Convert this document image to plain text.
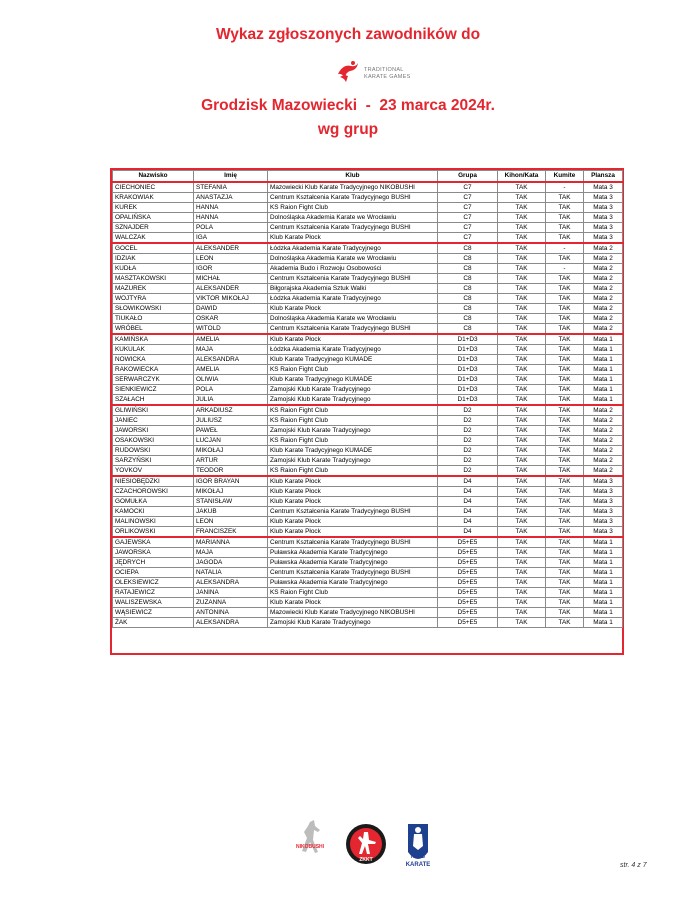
Wykaz zgłoszonych zawodników do
TRADITIONAL
KARATE GAMES
Grodzisk Mazowiecki  -  23 marca 2024r.
wg grup
Nazwisko	Imię	Klub	Grupa	Kihon/Kata	Kumite	Plansza
CIECHONIEC	STEFANIA	Mazowiecki Klub Karate Tradycyjnego NIKOBUSHI	C7	TAK	-	Mata 3
KRAKOWIAK	ANASTAZJA	Centrum Kształcenia Karate Tradycyjnego BUSHI	C7	TAK	TAK	Mata 3
KUREK	HANNA	KS Raion Fight Club	C7	TAK	TAK	Mata 3
OPALIŃSKA	HANNA	Dolnośląska Akademia Karate we Wrocławiu	C7	TAK	TAK	Mata 3
SZNAJDER	POLA	Centrum Kształcenia Karate Tradycyjnego BUSHI	C7	TAK	TAK	Mata 3
WALCZAK	IGA	Klub Karate Płock	C7	TAK	TAK	Mata 3
GOCEL	ALEKSANDER	Łódzka Akademia Karate Tradycyjnego	C8	TAK	-	Mata 2
IDZIAK	LEON	Dolnośląska Akademia Karate we Wrocławiu	C8	TAK	TAK	Mata 2
KUDŁA	IGOR	Akademia Budo i Rozwoju Osobowości	C8	TAK	-	Mata 2
MASZTAKOWSKI	MICHAŁ	Centrum Kształcenia Karate Tradycyjnego BUSHI	C8	TAK	TAK	Mata 2
MAZUREK	ALEKSANDER	Biłgorajska Akademia Sztuk Walki	C8	TAK	TAK	Mata 2
WOJTYRA	VIKTOR MIKOŁAJ	Łódzka Akademia Karate Tradycyjnego	C8	TAK	TAK	Mata 2
SŁOWIKOWSKI	DAWID	Klub Karate Płock	C8	TAK	TAK	Mata 2
TIUKAŁO	OSKAR	Dolnośląska Akademia Karate we Wrocławiu	C8	TAK	TAK	Mata 2
WRÓBEL	WITOLD	Centrum Kształcenia Karate Tradycyjnego BUSHI	C8	TAK	TAK	Mata 2
KAMIŃSKA	AMELIA	Klub Karate Płock	D1+D3	TAK	TAK	Mata 1
KUKULAK	MAJA	Łódzka Akademia Karate Tradycyjnego	D1+D3	TAK	TAK	Mata 1
NOWICKA	ALEKSANDRA	Klub Karate Tradycyjnego KUMADE	D1+D3	TAK	TAK	Mata 1
RAKOWIECKA	AMELIA	KS Raion Fight Club	D1+D3	TAK	TAK	Mata 1
SERWARCZYK	OLIWIA	Klub Karate Tradycyjnego KUMADE	D1+D3	TAK	TAK	Mata 1
SIENKIEWICZ	POLA	Zamojski Klub Karate Tradycyjnego	D1+D3	TAK	TAK	Mata 1
SZAŁACH	JULIA	Zamojski Klub Karate Tradycyjnego	D1+D3	TAK	TAK	Mata 1
GLIWIŃSKI	ARKADIUSZ	KS Raion Fight Club	D2	TAK	TAK	Mata 2
JANIEC	JULIUSZ	KS Raion Fight Club	D2	TAK	TAK	Mata 2
JAWORSKI	PAWEŁ	Zamojski Klub Karate Tradycyjnego	D2	TAK	TAK	Mata 2
OSAKOWSKI	LUCJAN	KS Raion Fight Club	D2	TAK	TAK	Mata 2
RUDOWSKI	MIKOŁAJ	Klub Karate Tradycyjnego KUMADE	D2	TAK	TAK	Mata 2
SARZYŃSKI	ARTUR	Zamojski Klub Karate Tradycyjnego	D2	TAK	TAK	Mata 2
YOVKOV	TEODOR	KS Raion Fight Club	D2	TAK	TAK	Mata 2
NIESIOBĘDZKI	IGOR BRAYAN	Klub Karate Płock	D4	TAK	TAK	Mata 3
CZACHOROWSKI	MIKOŁAJ	Klub Karate Płock	D4	TAK	TAK	Mata 3
GOMUŁKA	STANISŁAW	Klub Karate Płock	D4	TAK	TAK	Mata 3
KAMOCKI	JAKUB	Centrum Kształcenia Karate Tradycyjnego BUSHI	D4	TAK	TAK	Mata 3
MALINOWSKI	LEON	Klub Karate Płock	D4	TAK	TAK	Mata 3
ORLIKOWSKI	FRANCISZEK	Klub Karate Płock	D4	TAK	TAK	Mata 3
GAJEWSKA	MARIANNA	Centrum Kształcenia Karate Tradycyjnego BUSHI	D5+E5	TAK	TAK	Mata 1
JAWORSKA	MAJA	Puławska Akademia Karate Tradycyjnego	D5+E5	TAK	TAK	Mata 1
JĘDRYCH	JAGODA	Puławska Akademia Karate Tradycyjnego	D5+E5	TAK	TAK	Mata 1
OCIEPA	NATALIA	Centrum Kształcenia Karate Tradycyjnego BUSHI	D5+E5	TAK	TAK	Mata 1
OLEKSIEWICZ	ALEKSANDRA	Puławska Akademia Karate Tradycyjnego	D5+E5	TAK	TAK	Mata 1
RATAJEWICZ	JANINA	KS Raion Fight Club	D5+E5	TAK	TAK	Mata 1
WALISZEWSKA	ZUZANNA	Klub Karate Płock	D5+E5	TAK	TAK	Mata 1
WĄSIEWICZ	ANTONINA	Mazowiecki Klub Karate Tradycyjnego NIKOBUSHI	D5+E5	TAK	TAK	Mata 1
ŻAK	ALEKSANDRA	Zamojski Klub Karate Tradycyjnego	D5+E5	TAK	TAK	Mata 1
NIKOBUSHI
ZKKT	KLUB
KARATE	str. 4 z 7
